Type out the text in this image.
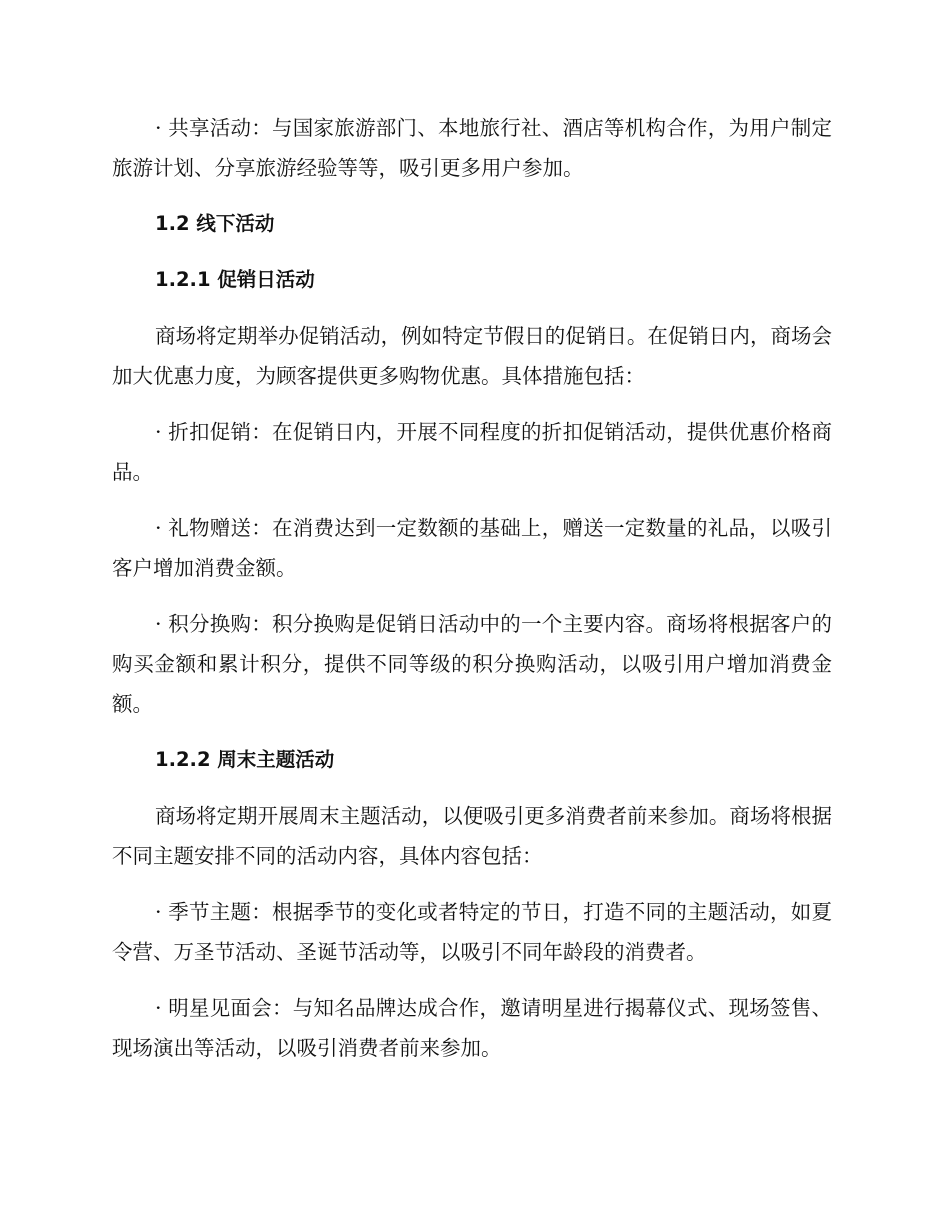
· 共享活动：与国家旅游部门、本地旅行社、酒店等机构合作，为用户制定旅游计划、分享旅游经验等等，吸引更多用户参加。

1.2 线下活动

1.2.1 促销日活动

商场将定期举办促销活动，例如特定节假日的促销日。在促销日内，商场会加大优惠力度，为顾客提供更多购物优惠。具体措施包括：

· 折扣促销：在促销日内，开展不同程度的折扣促销活动，提供优惠价格商品。

· 礼物赠送：在消费达到一定数额的基础上，赠送一定数量的礼品，以吸引客户增加消费金额。

· 积分换购：积分换购是促销日活动中的一个主要内容。商场将根据客户的购买金额和累计积分，提供不同等级的积分换购活动，以吸引用户增加消费金额。

1.2.2 周末主题活动

商场将定期开展周末主题活动，以便吸引更多消费者前来参加。商场将根据不同主题安排不同的活动内容，具体内容包括：

· 季节主题：根据季节的变化或者特定的节日，打造不同的主题活动，如夏令营、万圣节活动、圣诞节活动等，以吸引不同年龄段的消费者。

· 明星见面会：与知名品牌达成合作，邀请明星进行揭幕仪式、现场签售、现场演出等活动，以吸引消费者前来参加。
